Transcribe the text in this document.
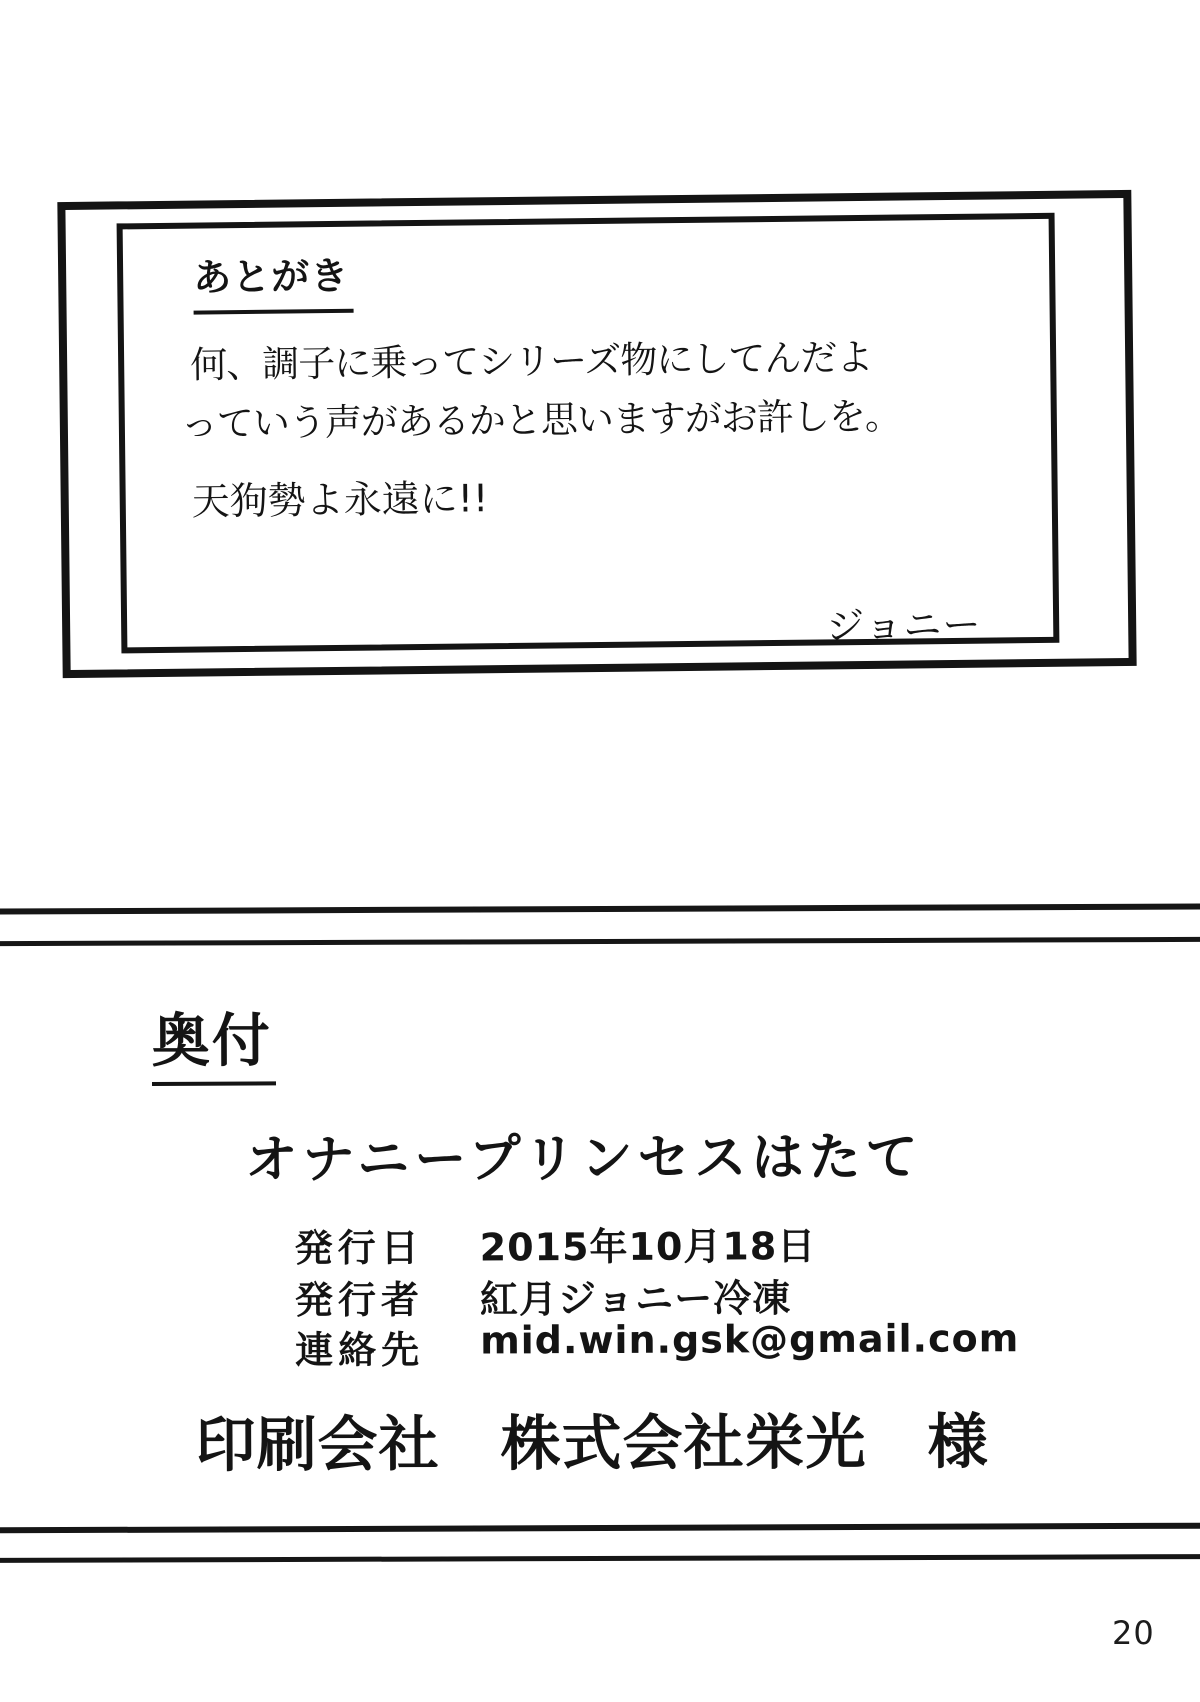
あとがき
何、調子に乗ってシリーズ物にしてんだよ
っていう声があるかと思いますがお許しを。
天狗勢よ永遠に!!
ジョニー
奥付
オナニープリンセスはたて
発行日 2015年10月18日
発行者 紅月ジョニー冷凍
連絡先 mid.win.gsk@gmail.com
印刷会社　株式会社栄光　様
20
